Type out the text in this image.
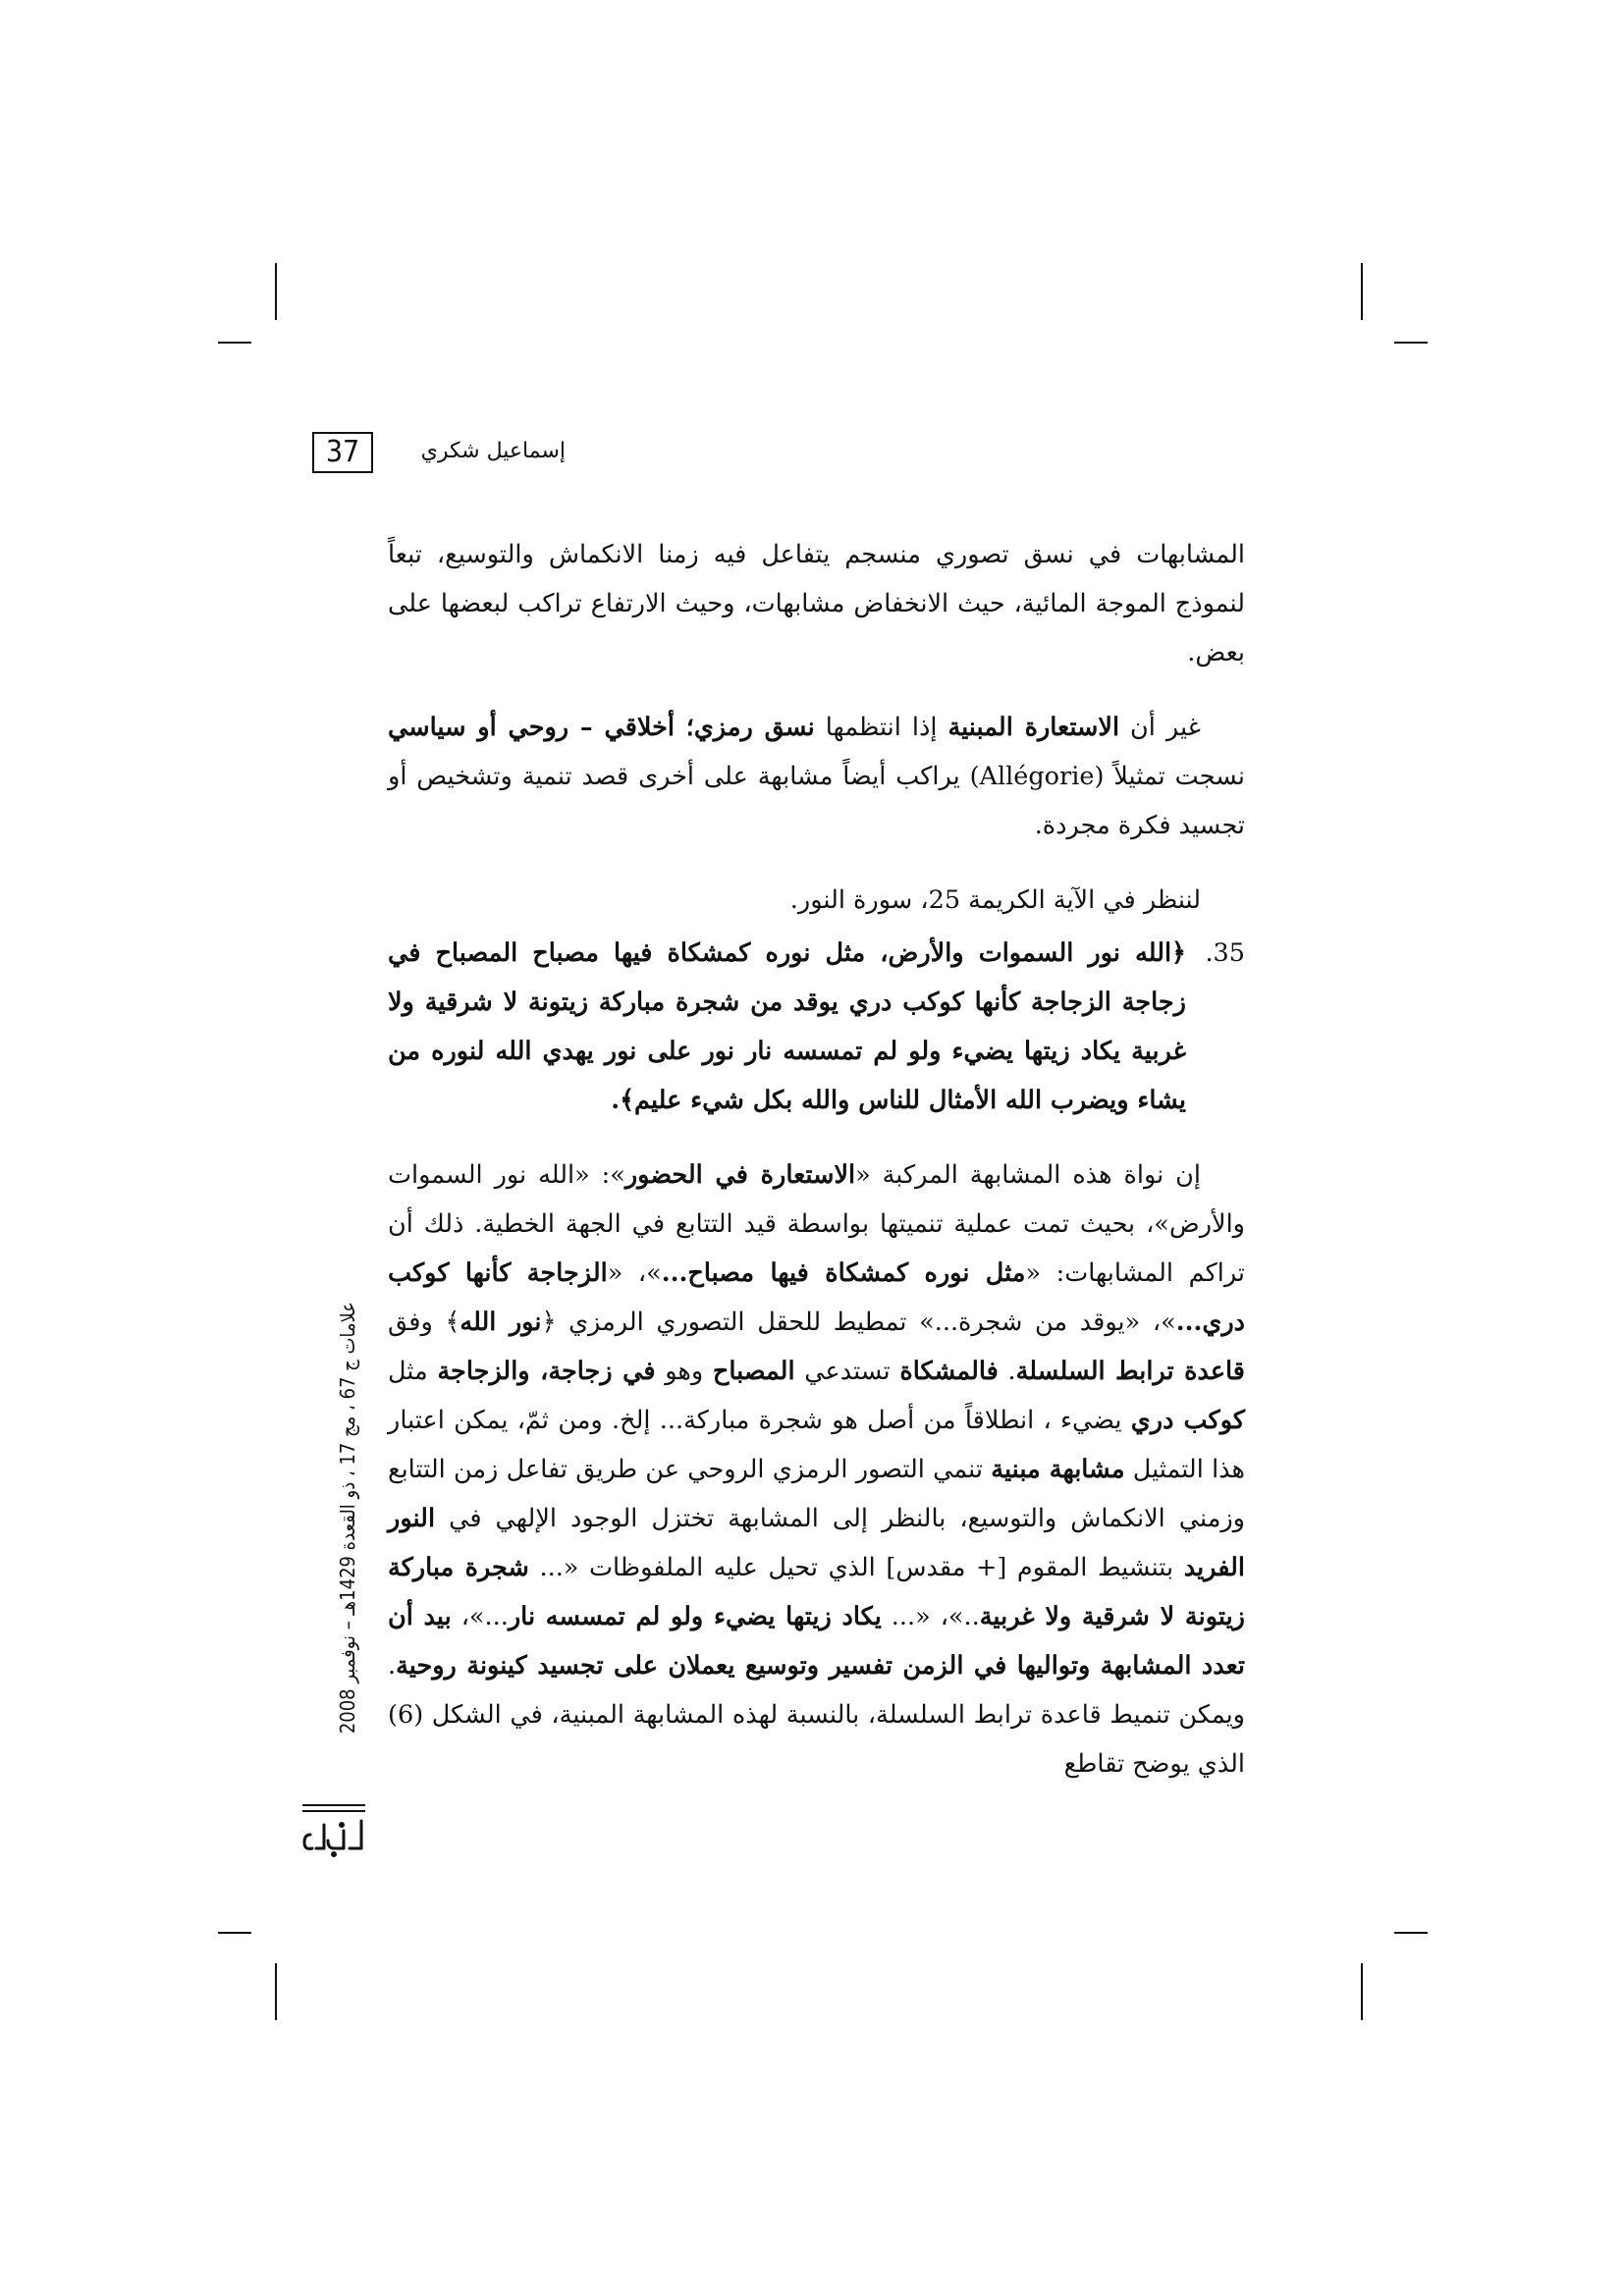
37	إسماعيل شكري

المشابهات في نسق تصوري منسجم يتفاعل فيه زمنا الانكماش والتوسيع، تبعاً لنموذج الموجة المائية، حيث الانخفاض مشابهات، وحيث الارتفاع تراكب لبعضها على بعض.

غير أن الاستعارة المبنية إذا انتظمها نسق رمزي؛ أخلاقي – روحي أو سياسي نسجت تمثيلاً (Allégorie) يراكب أيضاً مشابهة على أخرى قصد تنمية وتشخيص أو تجسيد فكرة مجردة.

لننظر في الآية الكريمة 25، سورة النور.

35.

﴿الله نور السموات والأرض، مثل نوره كمشكاة فيها مصباح المصباح في زجاجة الزجاجة كأنها كوكب دري يوقد من شجرة مباركة زيتونة لا شرقية ولا غربية يكاد زيتها يضيء ولو لم تمسسه نار نور على نور يهدي الله لنوره من يشاء ويضرب الله الأمثال للناس والله بكل شيء عليم﴾.

إن نواة هذه المشابهة المركبة «الاستعارة في الحضور»: «الله نور السموات والأرض»، بحيث تمت عملية تنميتها بواسطة قيد التتابع في الجهة الخطية. ذلك أن تراكم المشابهات: «مثل نوره كمشكاة فيها مصباح...»، «الزجاجة كأنها كوكب دري...»، «يوقد من شجرة...» تمطيط للحقل التصوري الرمزي ﴿نور الله﴾ وفق قاعدة ترابط السلسلة. فالمشكاة تستدعي المصباح وهو في زجاجة، والزجاجة مثل كوكب دري يضيء ، انطلاقاً من أصل هو شجرة مباركة... إلخ. ومن ثمّ، يمكن اعتبار هذا التمثيل مشابهة مبنية تنمي التصور الرمزي الروحي عن طريق تفاعل زمن التتابع وزمني الانكماش والتوسيع، بالنظر إلى المشابهة تختزل الوجود الإلهي في النور الفريد بتنشيط المقوم [+ مقدس] الذي تحيل عليه الملفوظات «... شجرة مباركة زيتونة لا شرقية ولا غربية..»، «... يكاد زيتها يضيء ولو لم تمسسه نار...»، بيد أن تعدد المشابهة وتواليها في الزمن تفسير وتوسيع يعملان على تجسيد كينونة روحية. ويمكن تنميط قاعدة ترابط السلسلة، بالنسبة لهذه المشابهة المبنية، في الشكل (6) الذي يوضح تقاطع

علامات ج 67 ، مج 17 ، ذو القعدة 1429هـ – نوفمبر 2008
